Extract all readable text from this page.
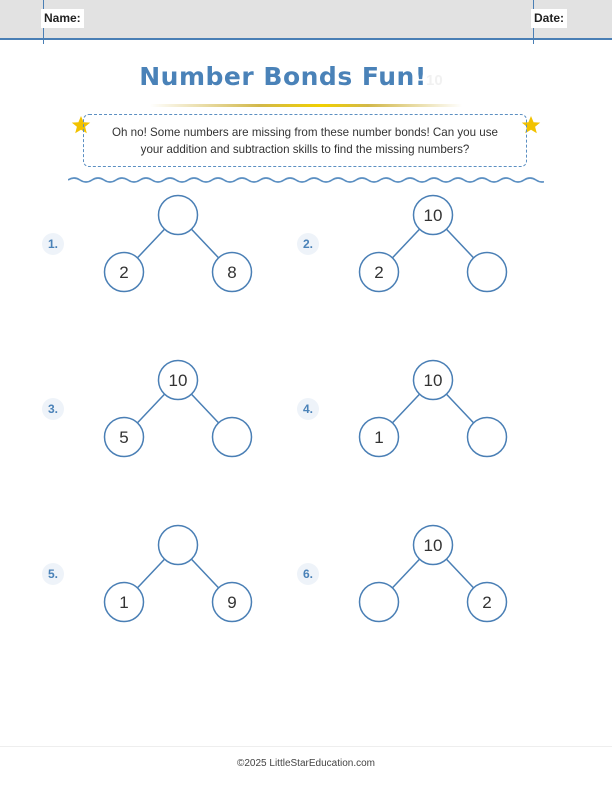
Name:	Date:
Number Bonds Fun! 10
Oh no! Some numbers are missing from these number bonds! Can you use
your addition and subtraction skills to find the missing numbers?
1.
2	8
2.
10
2
3.
10
5
4.
10
1
5.
1	9
6.
10
2
©2025 LittleStarEducation.com
